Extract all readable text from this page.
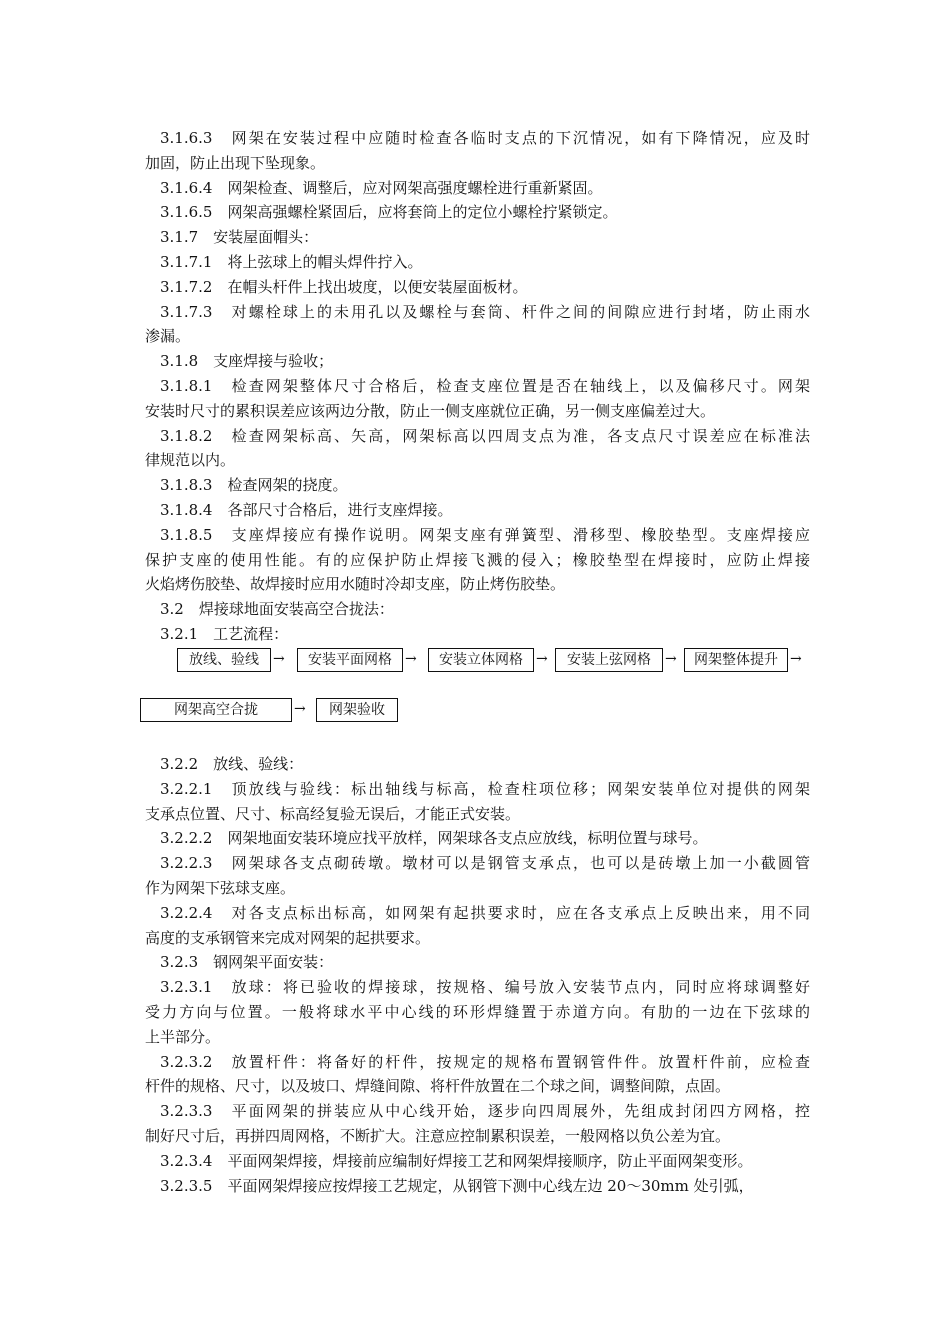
3.1.6.3　网架在安装过程中应随时检查各临时支点的下沉情况，如有下降情况，应及时
加固，防止出现下坠现象。
3.1.6.4　网架检查、调整后，应对网架高强度螺栓进行重新紧固。
3.1.6.5　网架高强螺栓紧固后，应将套筒上的定位小螺栓拧紧锁定。
3.1.7　安装屋面帽头：
3.1.7.1　将上弦球上的帽头焊件拧入。
3.1.7.2　在帽头杆件上找出坡度，以便安装屋面板材。
3.1.7.3　对螺栓球上的未用孔以及螺栓与套筒、杆件之间的间隙应进行封堵，防止雨水
渗漏。
3.1.8　支座焊接与验收；
3.1.8.1　检查网架整体尺寸合格后，检查支座位置是否在轴线上，以及偏移尺寸。网架
安装时尺寸的累积误差应该两边分散，防止一侧支座就位正确，另一侧支座偏差过大。
3.1.8.2　检查网架标高、矢高，网架标高以四周支点为准，各支点尺寸误差应在标准法
律规范以内。
3.1.8.3　检查网架的挠度。
3.1.8.4　各部尺寸合格后，进行支座焊接。
3.1.8.5　支座焊接应有操作说明。网架支座有弹簧型、滑移型、橡胶垫型。支座焊接应
保护支座的使用性能。有的应保护防止焊接飞溅的侵入；橡胶垫型在焊接时，应防止焊接
火焰烤伤胶垫、故焊接时应用水随时冷却支座，防止烤伤胶垫。
3.2　焊接球地面安装高空合拢法：
3.2.1　工艺流程：
放线、验线	→	安装平面网格 →	安装立体网格 →	安装上弦网格	→	网架整体提升 →
网架高空合拢	→	网架验收
3.2.2　放线、验线：
3.2.2.1　顶放线与验线：标出轴线与标高，检查柱项位移；网架安装单位对提供的网架
支承点位置、尺寸、标高经复验无误后，才能正式安装。
3.2.2.2　网架地面安装环境应找平放样，网架球各支点应放线，标明位置与球号。
3.2.2.3　网架球各支点砌砖墩。墩材可以是钢管支承点，也可以是砖墩上加一小截圆管
作为网架下弦球支座。
3.2.2.4　对各支点标出标高，如网架有起拱要求时，应在各支承点上反映出来，用不同
高度的支承钢管来完成对网架的起拱要求。
3.2.3　钢网架平面安装：
3.2.3.1　放球：将已验收的焊接球，按规格、编号放入安装节点内，同时应将球调整好
受力方向与位置。一般将球水平中心线的环形焊缝置于赤道方向。有肋的一边在下弦球的
上半部分。
3.2.3.2　放置杆件：将备好的杆件，按规定的规格布置钢管件件。放置杆件前，应检查
杆件的规格、尺寸，以及坡口、焊缝间隙、将杆件放置在二个球之间，调整间隙，点固。
3.2.3.3　平面网架的拼装应从中心线开始，逐步向四周展外，先组成封闭四方网格，控
制好尺寸后，再拼四周网格，不断扩大。注意应控制累积误差，一般网格以负公差为宜。
3.2.3.4　平面网架焊接，焊接前应编制好焊接工艺和网架焊接顺序，防止平面网架变形。
3.2.3.5　平面网架焊接应按焊接工艺规定，从钢管下测中心线左边 20～30mm 处引弧，
